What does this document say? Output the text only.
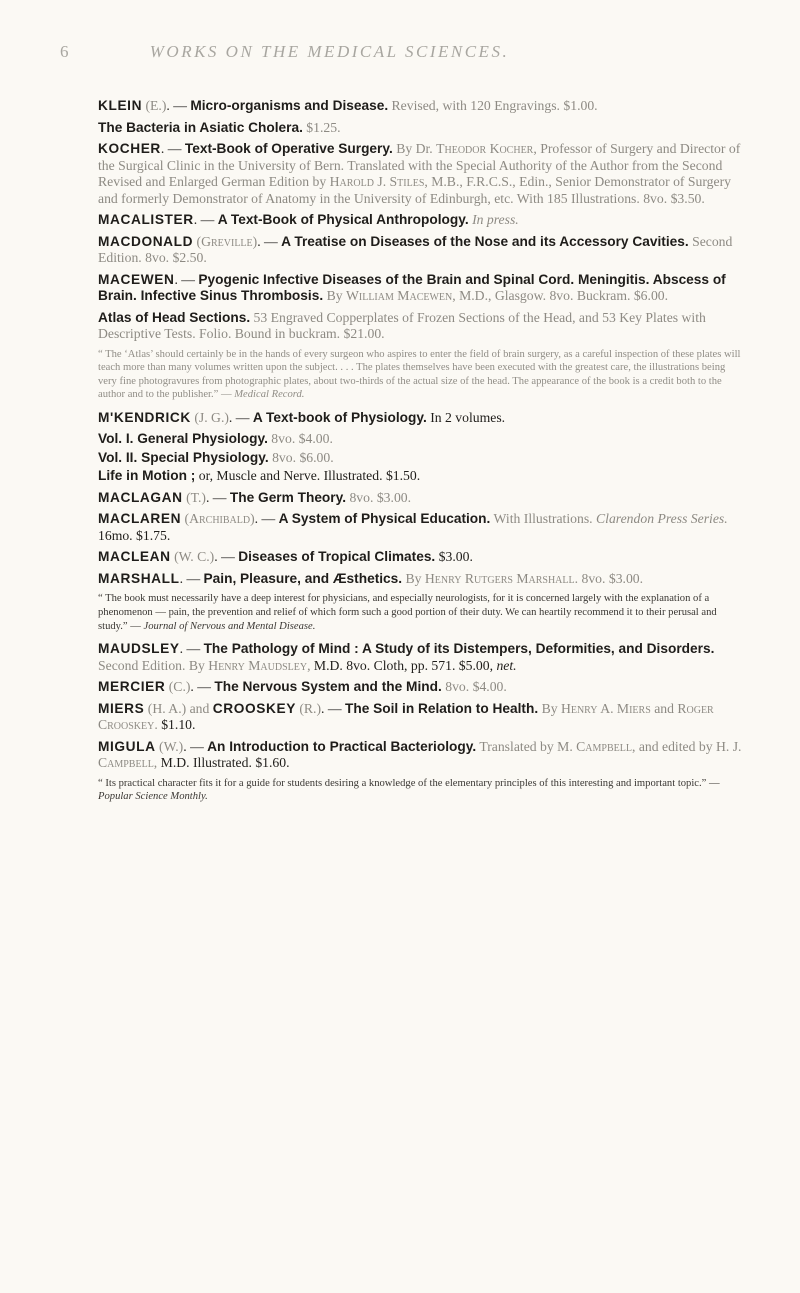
6	WORKS ON THE MEDICAL SCIENCES.

KLEIN (E.). — Micro-organisms and Disease. Revised, with 120 Engravings. $1.00.

The Bacteria in Asiatic Cholera. $1.25.

KOCHER. — Text-Book of Operative Surgery. By Dr. Theodor Kocher, Professor of Surgery and Director of the Surgical Clinic in the University of Bern. Translated with the Special Authority of the Author from the Second Revised and Enlarged German Edition by Harold J. Stiles, M.B., F.R.C.S., Edin., Senior Demonstrator of Surgery and formerly Demonstrator of Anatomy in the University of Edinburgh, etc. With 185 Illustrations. 8vo. $3.50.

MACALISTER. — A Text-Book of Physical Anthropology. In press.

MACDONALD (Greville). — A Treatise on Diseases of the Nose and its Accessory Cavities. Second Edition. 8vo. $2.50.

MACEWEN. — Pyogenic Infective Diseases of the Brain and Spinal Cord. Meningitis. Abscess of Brain. Infective Sinus Thrombosis. By William Macewen, M.D., Glasgow. 8vo. Buckram. $6.00.

Atlas of Head Sections. 53 Engraved Copperplates of Frozen Sections of the Head, and 53 Key Plates with Descriptive Tests. Folio. Bound in buckram. $21.00.

“ The ‘Atlas’ should certainly be in the hands of every surgeon who aspires to enter the field of brain surgery, as a careful inspection of these plates will teach more than many volumes written upon the subject. . . . The plates themselves have been executed with the greatest care, the illustrations being very fine photogravures from photographic plates, about two-thirds of the actual size of the head. The appearance of the book is a credit both to the author and to the publisher.” — Medical Record.

M'KENDRICK (J. G.). — A Text-book of Physiology. In 2 volumes.

Vol. I. General Physiology. 8vo. $4.00.

Vol. II. Special Physiology. 8vo. $6.00.

Life in Motion ; or, Muscle and Nerve. Illustrated. $1.50.

MACLAGAN (T.). — The Germ Theory. 8vo. $3.00.

MACLAREN (Archibald). — A System of Physical Education. With Illustrations. Clarendon Press Series. 16mo. $1.75.

MACLEAN (W. C.). — Diseases of Tropical Climates. $3.00.

MARSHALL. — Pain, Pleasure, and Æsthetics. By Henry Rutgers Marshall. 8vo. $3.00.

“ The book must necessarily have a deep interest for physicians, and especially neurologists, for it is concerned largely with the explanation of a phenomenon — pain, the prevention and relief of which form such a good portion of their duty. We can heartily recommend it to their perusal and study.” — Journal of Nervous and Mental Disease.

MAUDSLEY. — The Pathology of Mind : A Study of its Distempers, Deformities, and Disorders. Second Edition. By Henry Maudsley, M.D. 8vo. Cloth, pp. 571. $5.00, net.

MERCIER (C.). — The Nervous System and the Mind. 8vo. $4.00.

MIERS (H. A.) and CROOSKEY (R.). — The Soil in Relation to Health. By Henry A. Miers and Roger Crooskey. $1.10.

MIGULA (W.). — An Introduction to Practical Bacteriology. Translated by M. Campbell, and edited by H. J. Campbell, M.D. Illustrated. $1.60.

“ Its practical character fits it for a guide for students desiring a knowledge of the elementary principles of this interesting and important topic.” — Popular Science Monthly.
